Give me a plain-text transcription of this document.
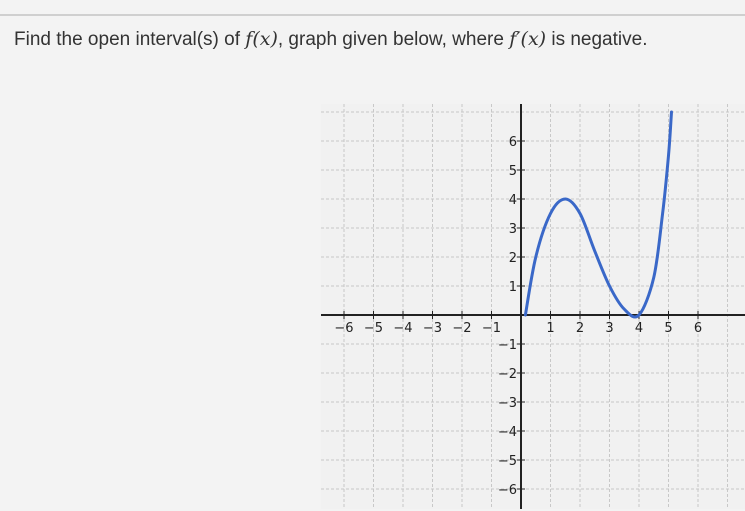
Find the open interval(s) of f(x), graph given below, where f′(x) is negative.
−6 −5 −4 −3 −2 −1	1 2 3 4 5 6
6
5
4
3
2
1
−1
−2
−3
−4
−5
−6
